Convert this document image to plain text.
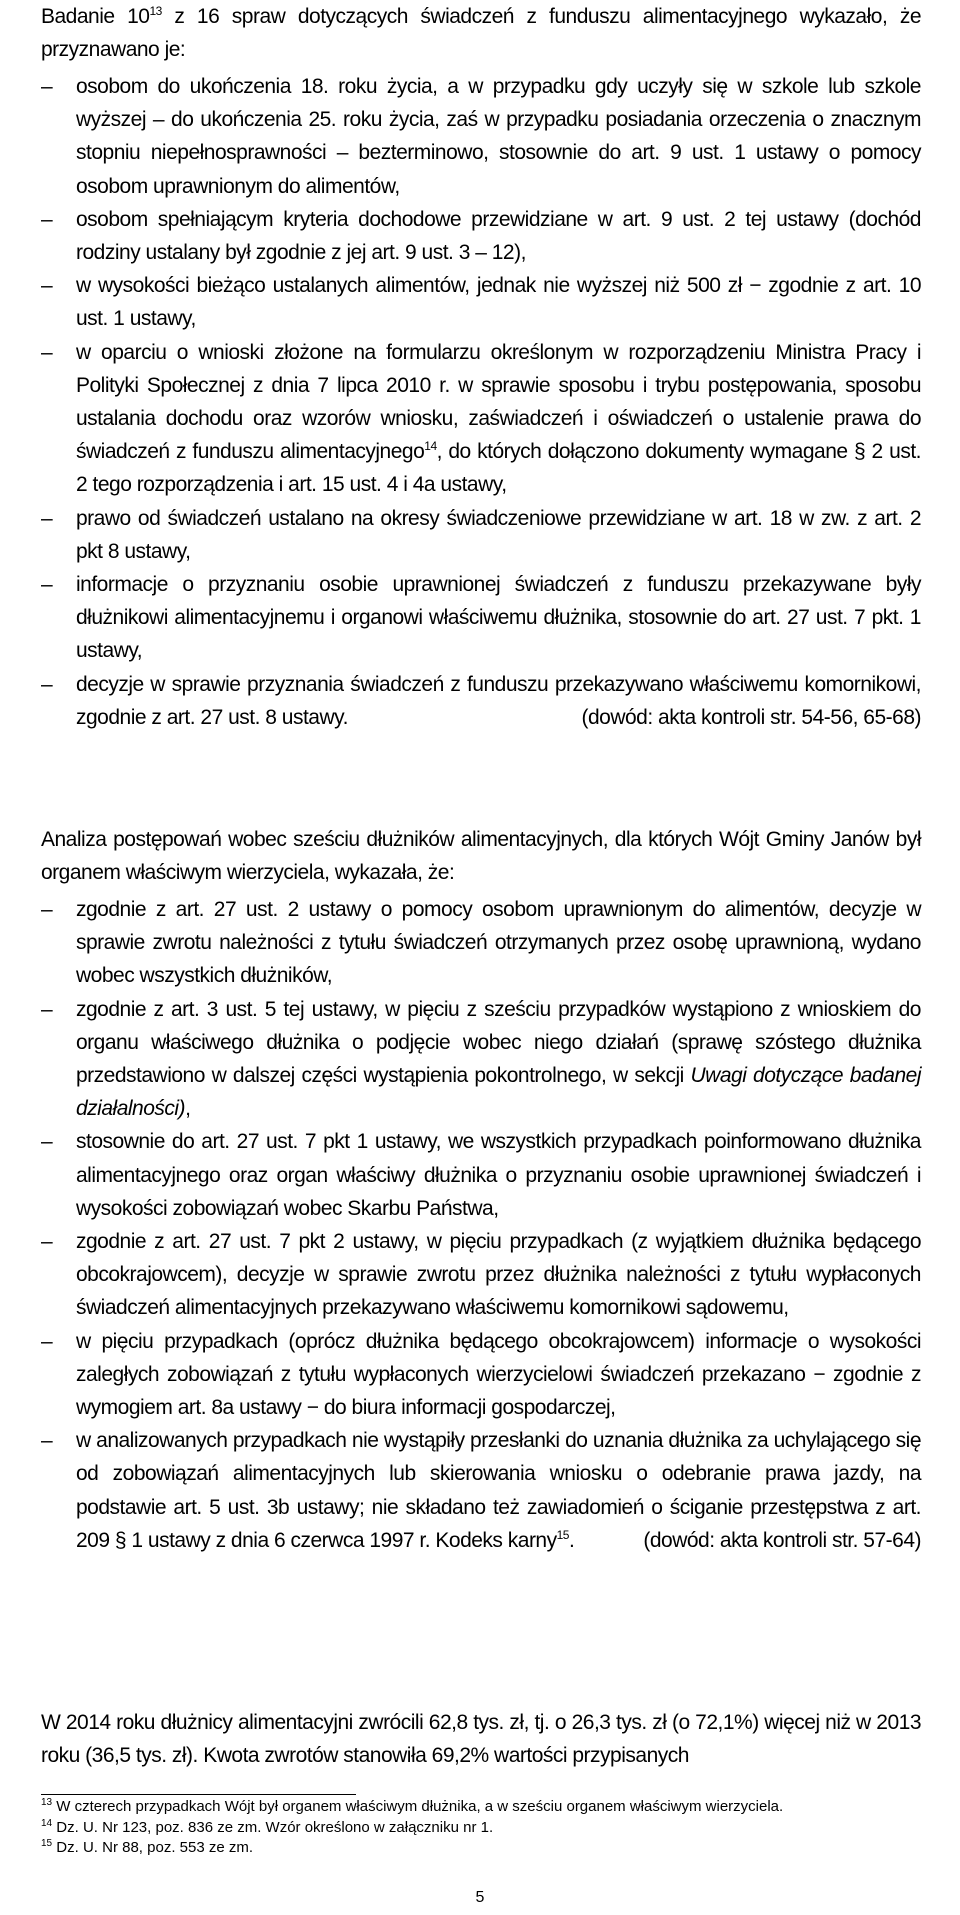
Badanie $10^{13}$ z 16 spraw dotyczących świadczeń z funduszu alimentacyjnego wykazało, że przyznawano je:

–
osobom do ukończenia 18. roku życia, a w przypadku gdy uczyły się w szkole lub szkole wyższej – do ukończenia 25. roku życia, zaś w przypadku posiadania orzeczenia o znacznym stopniu niepełnosprawności – bezterminowo, stosownie do art. 9 ust. 1 ustawy o pomocy osobom uprawnionym do alimentów,
–
osobom spełniającym kryteria dochodowe przewidziane w art. 9 ust. 2 tej ustawy (dochód rodziny ustalany był zgodnie z jej art. 9 ust. 3 – 12),
–
w wysokości bieżąco ustalanych alimentów, jednak nie wyższej niż 500 zł − zgodnie z art. 10 ust. 1 ustawy,
–
w oparciu o wnioski złożone na formularzu określonym w rozporządzeniu Ministra Pracy i Polityki Społecznej z dnia 7 lipca 2010 r. w sprawie sposobu i trybu postępowania, sposobu ustalania dochodu oraz wzorów wniosku, zaświadczeń i oświadczeń o ustalenie prawa do świadczeń z funduszu alimentacyjnego$^{14}$, do których dołączono dokumenty wymagane § 2 ust. 2 tego rozporządzenia i art. 15 ust. 4 i 4a ustawy,
–
prawo od świadczeń ustalano na okresy świadczeniowe przewidziane w art. 18 w zw. z art. 2 pkt 8 ustawy,
–
informacje o przyznaniu osobie uprawnionej świadczeń z funduszu przekazywane były dłużnikowi alimentacyjnemu i organowi właściwemu dłużnika, stosownie do art. 27 ust. 7 pkt. 1 ustawy,
–
decyzje w sprawie przyznania świadczeń z funduszu przekazywano właściwemu komornikowi, zgodnie z art. 27 ust. 8 ustawy.	(dowód: akta kontroli str. 54-56, 65-68)

Analiza postępowań wobec sześciu dłużników alimentacyjnych, dla których Wójt Gminy Janów był organem właściwym wierzyciela, wykazała, że:

–
zgodnie z art. 27 ust. 2 ustawy o pomocy osobom uprawnionym do alimentów, decyzje w sprawie zwrotu należności z tytułu świadczeń otrzymanych przez osobę uprawnioną, wydano wobec wszystkich dłużników,
–
zgodnie z art. 3 ust. 5 tej ustawy, w pięciu z sześciu przypadków wystąpiono z wnioskiem do organu właściwego dłużnika o podjęcie wobec niego działań (sprawę szóstego dłużnika przedstawiono w dalszej części wystąpienia pokontrolnego, w sekcji Uwagi dotyczące badanej działalności),
–
stosownie do art. 27 ust. 7 pkt 1 ustawy, we wszystkich przypadkach poinformowano dłużnika alimentacyjnego oraz organ właściwy dłużnika o przyznaniu osobie uprawnionej świadczeń i wysokości zobowiązań wobec Skarbu Państwa,
–
zgodnie z art. 27 ust. 7 pkt 2 ustawy, w pięciu przypadkach (z wyjątkiem dłużnika będącego obcokrajowcem), decyzje w sprawie zwrotu przez dłużnika należności z tytułu wypłaconych świadczeń alimentacyjnych przekazywano właściwemu komornikowi sądowemu,
–
w pięciu przypadkach (oprócz dłużnika będącego obcokrajowcem) informacje o wysokości zaległych zobowiązań z tytułu wypłaconych wierzycielowi świadczeń przekazano − zgodnie z wymogiem art. 8a ustawy − do biura informacji gospodarczej,
–
w analizowanych przypadkach nie wystąpiły przesłanki do uznania dłużnika za uchylającego się od zobowiązań alimentacyjnych lub skierowania wniosku o odebranie prawa jazdy, na podstawie art. 5 ust. 3b ustawy; nie składano też zawiadomień o ściganie przestępstwa z art. 209 § 1 ustawy z dnia 6 czerwca 1997 r. Kodeks karny$^{15}$.	(dowód: akta kontroli str. 57-64)

W 2014 roku dłużnicy alimentacyjni zwrócili 62,8 tys. zł, tj. o 26,3 tys. zł (o 72,1%) więcej niż w 2013 roku (36,5 tys. zł). Kwota zwrotów stanowiła 69,2% wartości przypisanych

$^{13}$ W czterech przypadkach Wójt był organem właściwym dłużnika, a w sześciu organem właściwym wierzyciela.
$^{14}$ Dz. U. Nr 123, poz. 836 ze zm. Wzór określono w załączniku nr 1.
$^{15}$ Dz. U. Nr 88, poz. 553 ze zm.
5
